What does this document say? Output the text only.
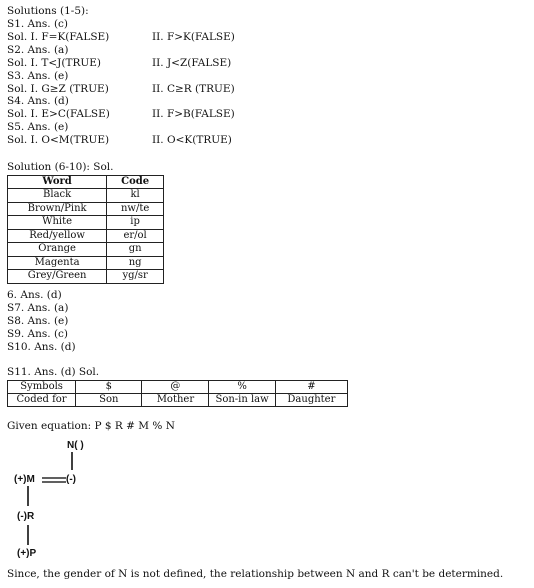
Solutions (1-5):
S1. Ans. (c)
Sol. I. F=K(FALSE)	II. F>K(FALSE)
S2. Ans. (a)
Sol. I. T<J(TRUE)	II. J<Z(FALSE)
S3. Ans. (e)
Sol. I. G≥Z (TRUE)	II. C≥R (TRUE)
S4. Ans. (d)
Sol. I. E>C(FALSE)	II. F>B(FALSE)
S5. Ans. (e)
Sol. I. O<M(TRUE)	II. O<K(TRUE)
Solution (6-10): Sol.
Word	Code
Black	kl
Brown/Pink	nw/te
White	ip
Red/yellow	er/ol
Orange	gn
Magenta	ng
Grey/Green	yg/sr
6. Ans. (d)
S7. Ans. (a)
S8. Ans. (e)
S9. Ans. (c)
S10. Ans. (d)
S11. Ans. (d) Sol.
Symbols	$	@	%	#
Coded for	Son	Mother	Son-in law	Daughter
Given equation: P $ R # M % N
N( )
(+)M	(-)
(-)R
(+)P
Since, the gender of N is not defined, the relationship between N and R can't be determined.
